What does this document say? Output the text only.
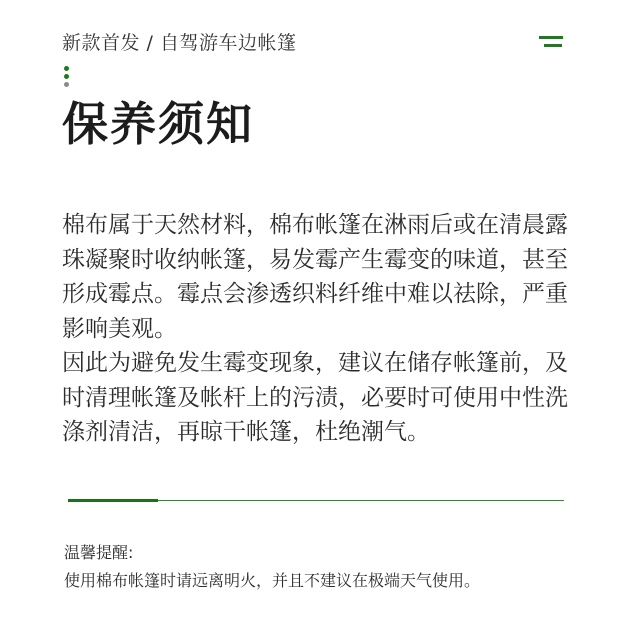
新款首发 / 自驾游车边帐篷
保养须知

棉布属于天然材料，棉布帐篷在淋雨后或在清晨露珠凝聚时收纳帐篷，易发霉产生霉变的味道，甚至形成霉点。霉点会渗透织料纤维中难以祛除，严重影响美观。

因此为避免发生霉变现象，建议在储存帐篷前，及时清理帐篷及帐杆上的污渍，必要时可使用中性洗涤剂清洁，再晾干帐篷，杜绝潮气。

温馨提醒:
使用棉布帐篷时请远离明火，并且不建议在极端天气使用。
